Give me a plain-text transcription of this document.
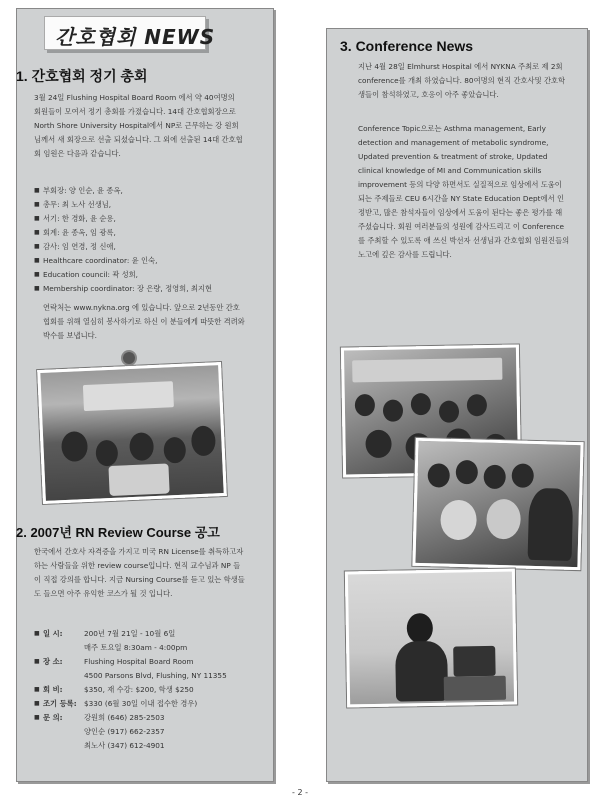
간호협회 NEWS
1. 간호협회 정기 총회

3월 24일 Flushing Hospital Board Room 에서 약 40여명의 회원들이 모여서 정기 총회를 가졌습니다. 14대 간호협회장으로 North Shore University Hospital에서 NP로 근무하는 강 원희님께서 새 회장으로 선출 되셨습니다. 그 외에 선출된 14대 간호협회 임원은 다음과 같습니다.

■ 부회장: 양 인순, 윤 종옥,
■ 총무: 최 노사 선생님,
■ 서기: 한 경화, 윤 순용,
■ 회계: 윤 종옥, 임 광록,
■ 감사: 임 연경, 정 신애,
■ Healthcare coordinator: 윤 인숙,
■ Education council: 곽 성희,
■ Membership coordinator: 장 은량, 정영희, 최지현

연락처는 www.nykna.org 에 있습니다. 앞으로 2년동안 간호협회를 위해 열심히 봉사하기로 하신 이 분들에게 따뜻한 격려와 박수를 보냅니다.

2. 2007년 RN Review Course 공고

한국에서 간호사 자격증을 가지고 미국 RN License를 취득하고자 하는 사람들을 위한 review course입니다. 현직 교수님과 NP 들이 직접 강의를 합니다. 지금 Nursing Course를 듣고 있는 학생들도 들으면 아주 유익한 코스가 될 것 입니다.

■ 일 시:	200년 7월 21일 - 10월 6일
매주 토요일 8:30am - 4:00pm
■ 장 소:	Flushing Hospital Board Room
4500 Parsons Blvd, Flushing, NY 11355
■ 회 비:	$350, 재 수강: $200, 학생 $250
■ 조기 등록:	$330 (6월 30일 이내 접수한 경우)
■ 문 의:	강원희 (646) 285-2503
양인순 (917) 662-2357
최노사 (347) 612-4901
3. Conference News

지난 4월 28일 Elmhurst Hospital 에서 NYKNA 주최로 제 2회 conference를 개최 하였습니다. 80여명의 현직 간호사및 간호학생들이 참석하였고, 호응이 아주 좋았습니다.

Conference Topic으로는 Asthma management, Early detection and management of metabolic syndrome, Updated prevention & treatment of stroke, Updated clinical knowledge of MI and Communication skills improvement 등의 다양 하면서도 실질적으로 임상에서 도움이 되는 주제들로 CEU 6시간을 NY State Education Dept에서 인정받고, 많은 참석자들이 임상에서 도움이 된다는 좋은 평가를 해 주셨습니다. 회원 여러분들의 성원에 감사드리고 이 Conference를 주최할 수 있도록 애 쓰신 박선자 선생님과 간호협회 임원진들의 노고에 깊은 감사를 드립니다.

- 2 -
